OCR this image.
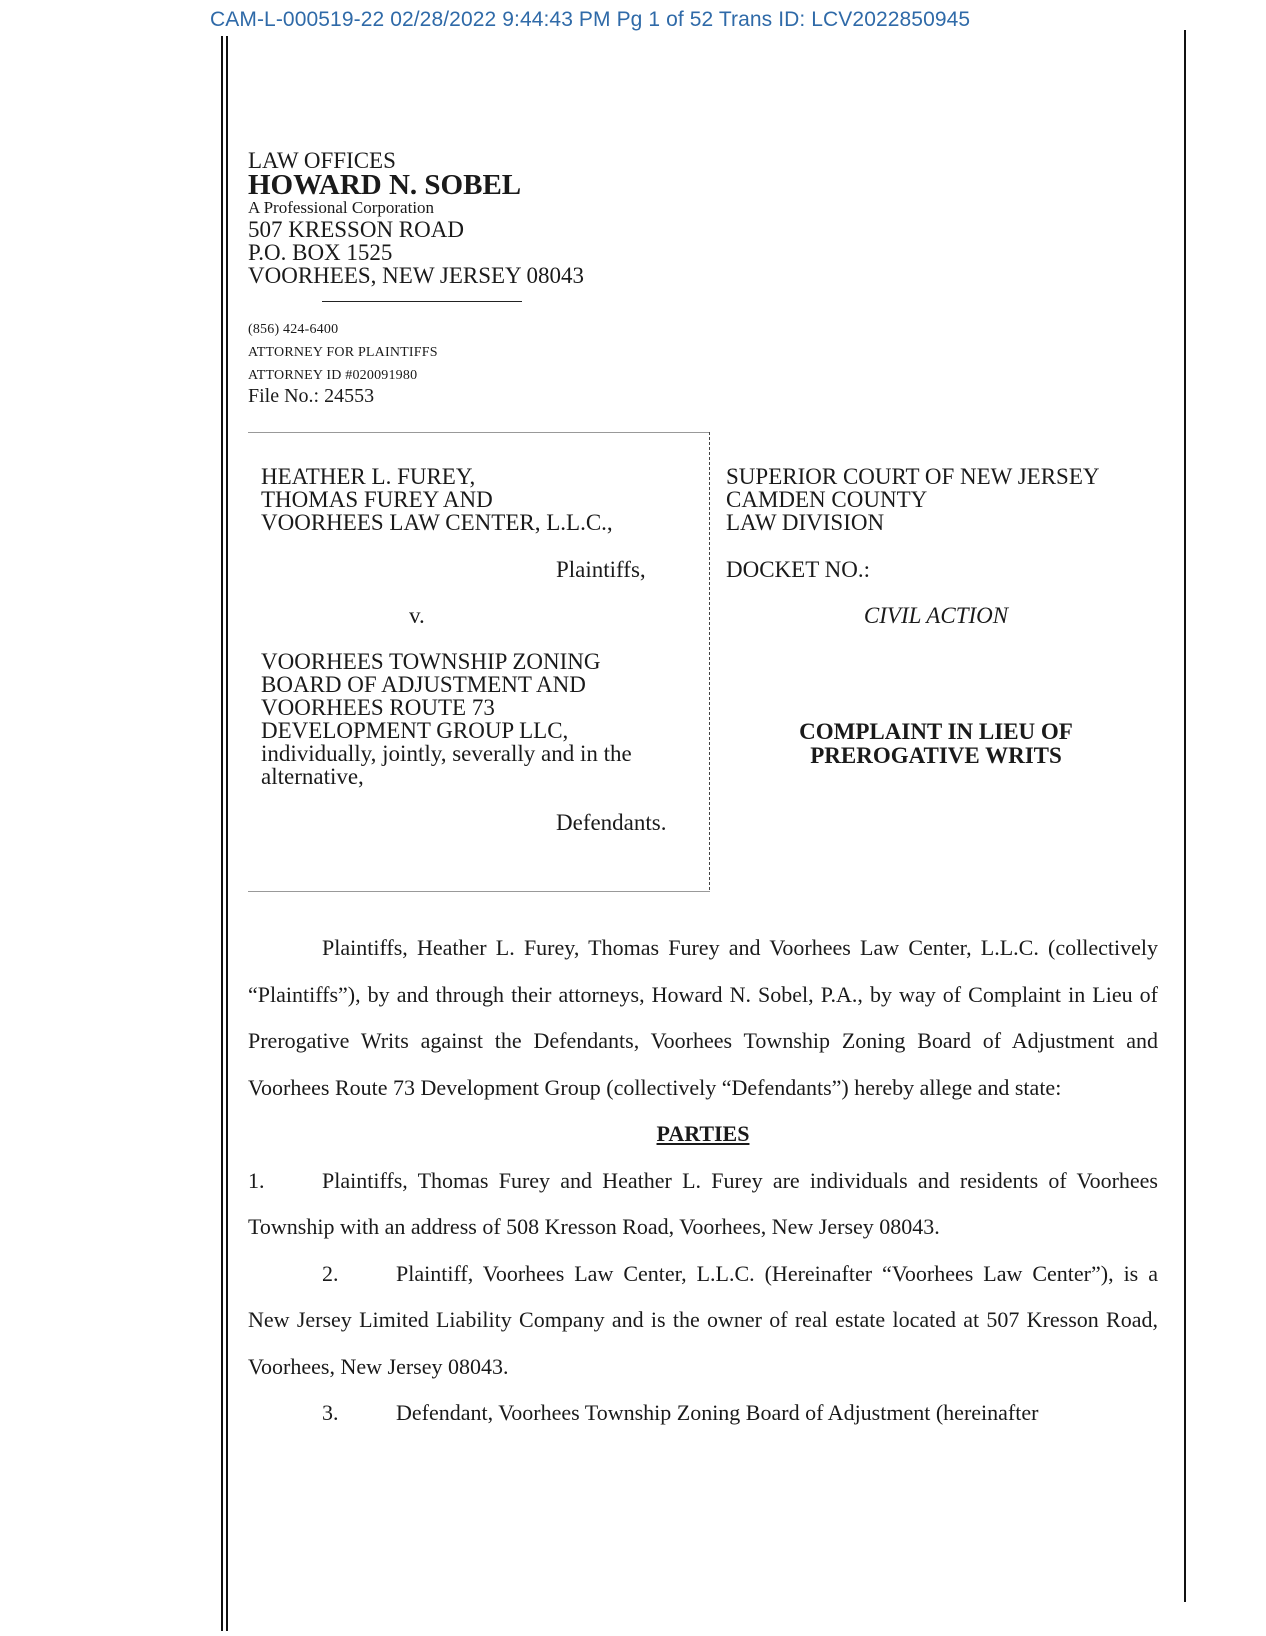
CAM-L-000519-22 02/28/2022 9:44:43 PM Pg 1 of 52 Trans ID: LCV2022850945
LAW OFFICES
HOWARD N. SOBEL
A Professional Corporation
507 KRESSON ROAD
P.O. BOX 1525
VOORHEES, NEW JERSEY 08043
(856) 424-6400
ATTORNEY FOR PLAINTIFFS
ATTORNEY ID #020091980
File No.: 24553
HEATHER L. FUREY,
THOMAS FUREY AND
VOORHEES LAW CENTER, L.L.C.,
Plaintiffs,
v.
VOORHEES TOWNSHIP ZONING
BOARD OF ADJUSTMENT AND
VOORHEES ROUTE 73
DEVELOPMENT GROUP LLC,
individually, jointly, severally and in the
alternative,
Defendants.
SUPERIOR COURT OF NEW JERSEY
CAMDEN COUNTY
LAW DIVISION
DOCKET NO.:
CIVIL ACTION
COMPLAINT IN LIEU OF
PREROGATIVE WRITS

Plaintiffs, Heather L. Furey, Thomas Furey and Voorhees Law Center, L.L.C. (collectively “Plaintiffs”), by and through their attorneys, Howard N. Sobel, P.A., by way of Complaint in Lieu of Prerogative Writs against the Defendants, Voorhees Township Zoning Board of Adjustment and Voorhees Route 73 Development Group (collectively “Defendants”) hereby allege and state:

PARTIES

1.	Plaintiffs, Thomas Furey and Heather L. Furey are individuals and residents of Voorhees Township with an address of 508 Kresson Road, Voorhees, New Jersey 08043.

2.	Plaintiff, Voorhees Law Center, L.L.C. (Hereinafter “Voorhees Law Center”), is a New Jersey Limited Liability Company and is the owner of real estate located at 507 Kresson Road, Voorhees, New Jersey 08043.

3.	Defendant, Voorhees Township Zoning Board of Adjustment (hereinafter
